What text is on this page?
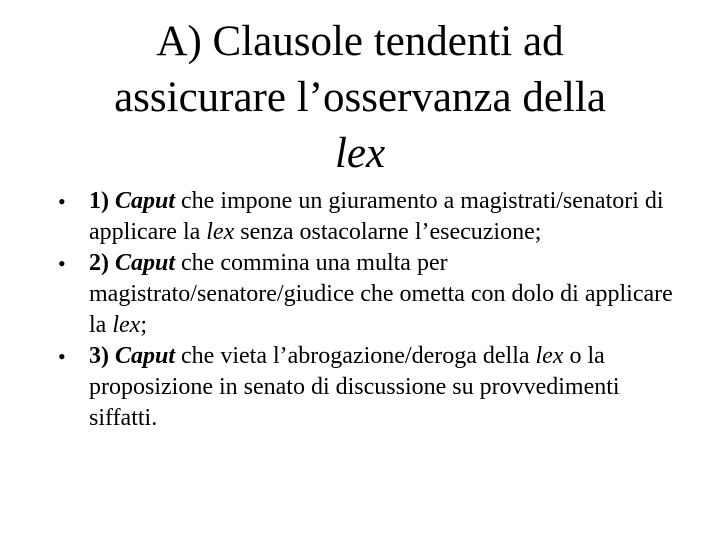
A) Clausole tendenti ad
assicurare l’osservanza della
lex
• 1) Caput che impone un giuramento a magistrati/senatori di applicare la lex senza ostacolarne l’esecuzione;
• 2) Caput che commina una multa per magistrato/senatore/giudice che ometta con dolo di applicare la lex;
• 3) Caput che vieta l’abrogazione/deroga della lex o la proposizione in senato di discussione su provvedimenti siffatti.
